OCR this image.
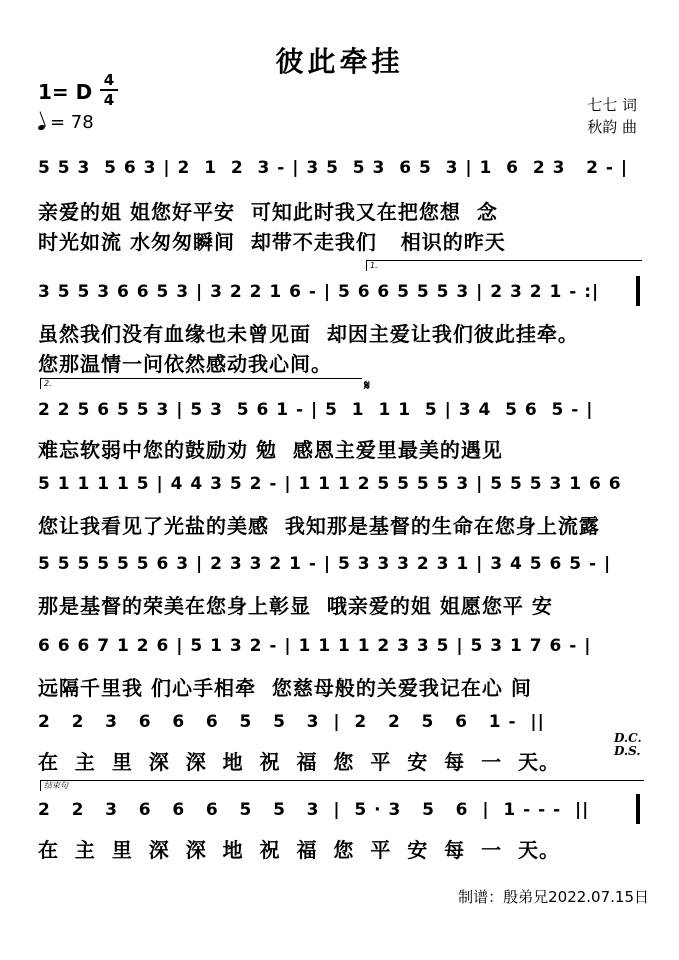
彼此牵挂
1= D 4
4
= 78
七七 词
秋韵 曲
5 5 3  5 6 3 | 2  1  2  3 - | 3 5  5 3  6 5  3 | 1  6  2 3   2 - |
亲爱的姐 姐您好平安  可知此时我又在把您想  念
时光如流 水匆匆瞬间  却带不走我们   相识的昨天
1.
3 5 5 3 6 6 5 3 | 3 2 2 1 6 - | 5 6 6 5 5 5 3 | 2 3 2 1 - :|
虽然我们没有血缘也未曾见面  却因主爱让我们彼此挂牵。
您那温情一问依然感动我心间。
2.	𝄋
2 2 5 6 5 5 3 | 5 3  5 6 1 - | 5  1  1 1  5 | 3 4  5 6  5 - |
难忘软弱中您的鼓励劝 勉  感恩主爱里最美的遇见
5 1 1 1 1 5 | 4 4 3 5 2 - | 1 1 1 2 5 5 5 5 3 | 5 5 5 3 1 6 6
您让我看见了光盐的美感  我知那是基督的生命在您身上流露
5 5 5 5 5 5 6 3 | 2 3 3 2 1 - | 5 3 3 3 2 3 1 | 3 4 5 6 5 - |
那是基督的荣美在您身上彰显  哦亲爱的姐 姐愿您平 安
6 6 6 7 1 2 6 | 5 1 3 2 - | 1 1 1 1 2 3 3 5 | 5 3 1 7 6 - |
远隔千里我 们心手相牵  您慈母般的关爱我记在心 间
2   2   3   6   6   6   5   5   3  |  2   2   5   6   1 -  ||
D.C.
D.S.
在  主  里  深  深  地  祝  福  您  平  安  每  一  天。
结束句
2   2   3   6   6   6   5   5   3  |  5 · 3   5   6  |  1 - - -  ||
在  主  里  深  深  地  祝  福  您  平  安  每  一  天。
制谱：殷弟兄2022.07.15日
